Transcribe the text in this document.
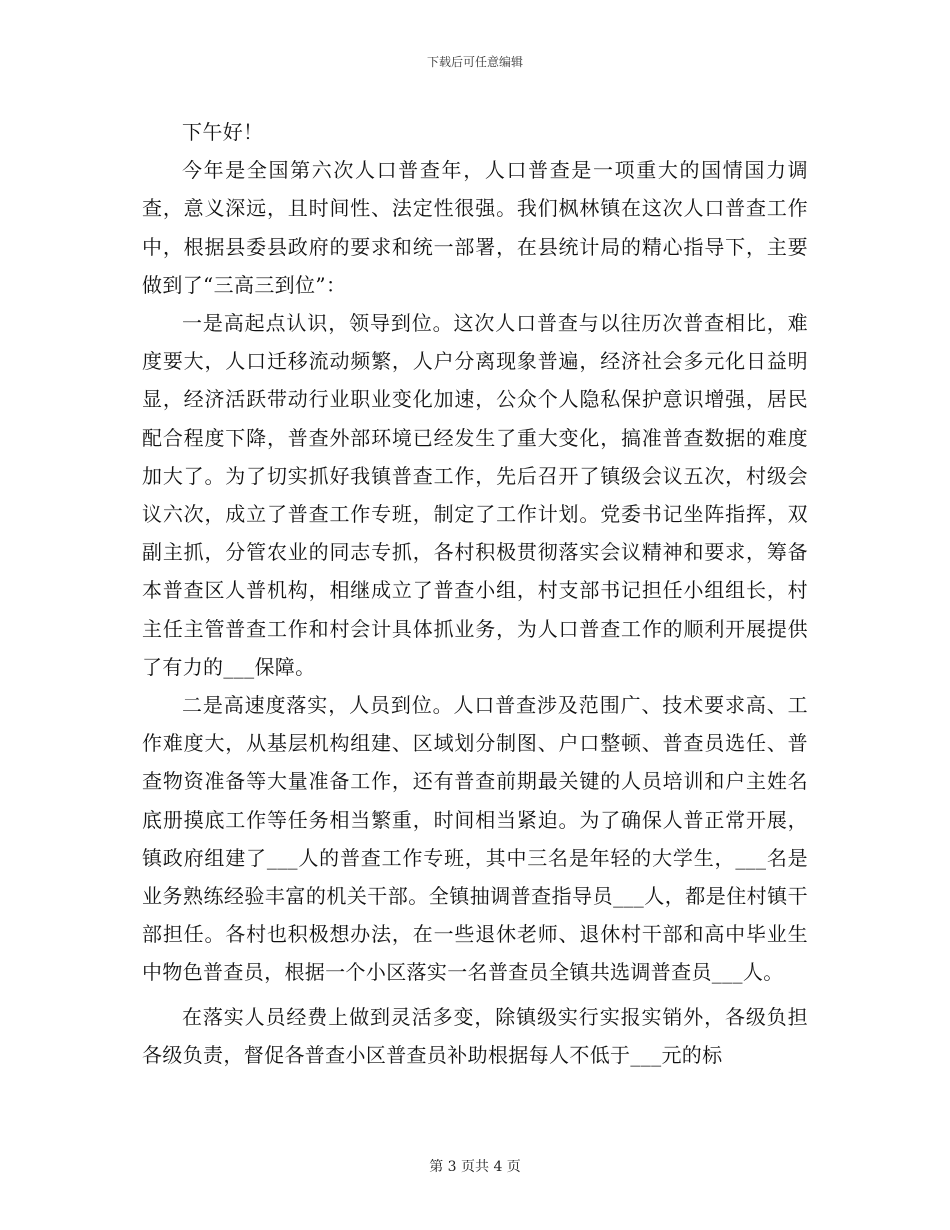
下载后可任意编辑

下午好！

今年是全国第六次人口普查年，人口普查是一项重大的国情国力调查，意义深远，且时间性、法定性很强。我们枫林镇在这次人口普查工作中，根据县委县政府的要求和统一部署，在县统计局的精心指导下，主要做到了“三高三到位”：

一是高起点认识，领导到位。这次人口普查与以往历次普查相比，难度要大，人口迁移流动频繁，人户分离现象普遍，经济社会多元化日益明显，经济活跃带动行业职业变化加速，公众个人隐私保护意识增强，居民配合程度下降，普查外部环境已经发生了重大变化，搞准普查数据的难度加大了。为了切实抓好我镇普查工作，先后召开了镇级会议五次，村级会议六次，成立了普查工作专班，制定了工作计划。党委书记坐阵指挥，双副主抓，分管农业的同志专抓，各村积极贯彻落实会议精神和要求，筹备本普查区人普机构，相继成立了普查小组，村支部书记担任小组组长，村主任主管普查工作和村会计具体抓业务，为人口普查工作的顺利开展提供了有力的___保障。

二是高速度落实，人员到位。人口普查涉及范围广、技术要求高、工作难度大，从基层机构组建、区域划分制图、户口整顿、普查员选任、普查物资准备等大量准备工作，还有普查前期最关键的人员培训和户主姓名底册摸底工作等任务相当繁重，时间相当紧迫。为了确保人普正常开展，镇政府组建了___人的普查工作专班，其中三名是年轻的大学生，___名是业务熟练经验丰富的机关干部。全镇抽调普查指导员___人，都是住村镇干部担任。各村也积极想办法，在一些退休老师、退休村干部和高中毕业生中物色普查员，根据一个小区落实一名普查员全镇共选调普查员___人。

在落实人员经费上做到灵活多变，除镇级实行实报实销外，各级负担各级负责，督促各普查小区普查员补助根据每人不低于___元的标

第 3 页共 4 页
